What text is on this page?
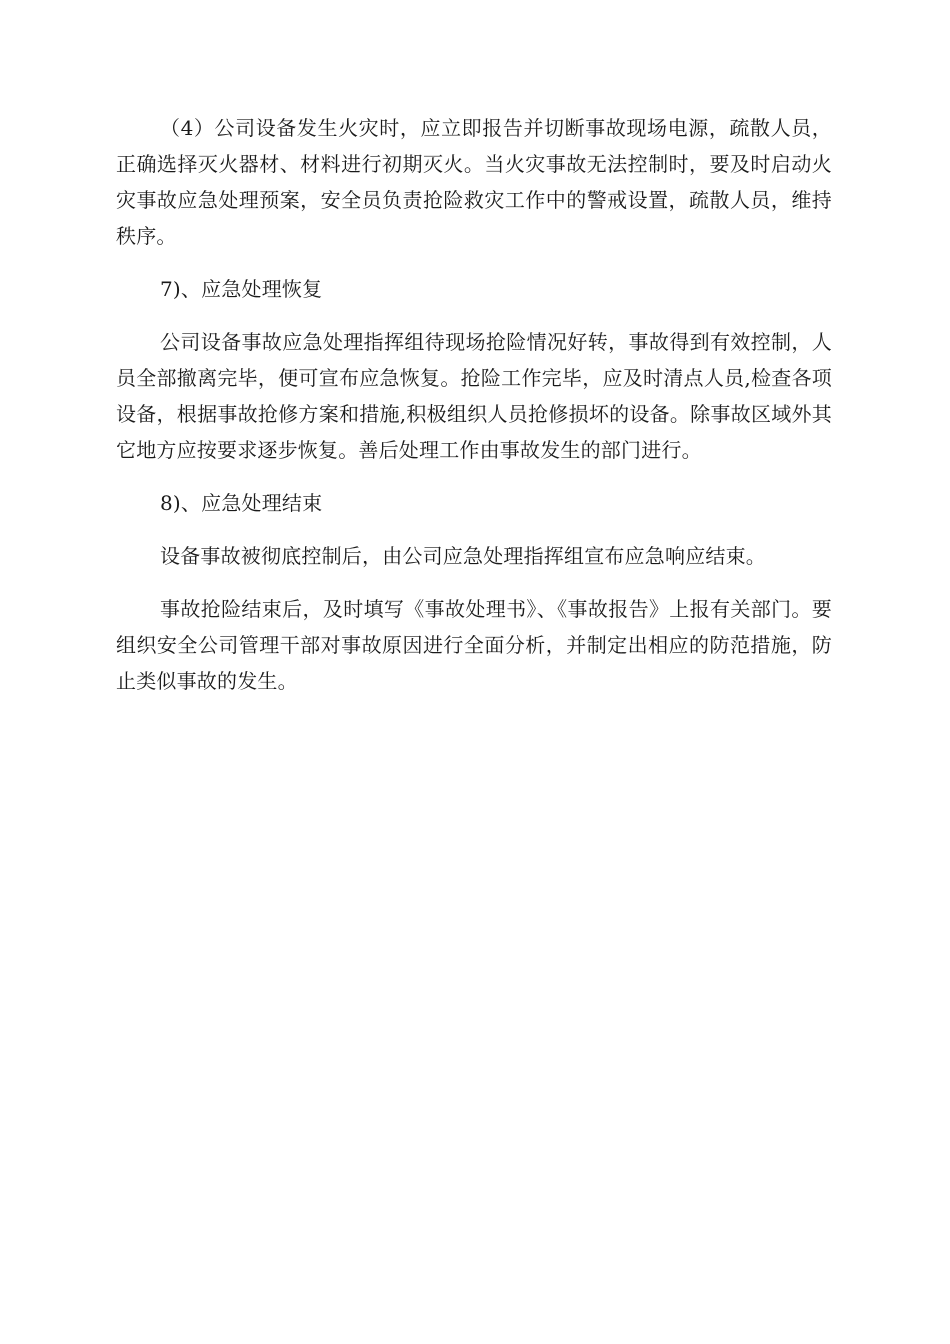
（4）公司设备发生火灾时，应立即报告并切断事故现场电源，疏散人员，正确选择灭火器材、材料进行初期灭火。当火灾事故无法控制时，要及时启动火灾事故应急处理预案，安全员负责抢险救灾工作中的警戒设置，疏散人员，维持秩序。

7)、应急处理恢复

公司设备事故应急处理指挥组待现场抢险情况好转，事故得到有效控制，人员全部撤离完毕，便可宣布应急恢复。抢险工作完毕，应及时清点人员,检查各项设备，根据事故抢修方案和措施,积极组织人员抢修损坏的设备。除事故区域外其它地方应按要求逐步恢复。善后处理工作由事故发生的部门进行。

8)、应急处理结束

设备事故被彻底控制后，由公司应急处理指挥组宣布应急响应结束。

事故抢险结束后，及时填写《事故处理书》、《事故报告》上报有关部门。要组织安全公司管理干部对事故原因进行全面分析，并制定出相应的防范措施，防止类似事故的发生。
